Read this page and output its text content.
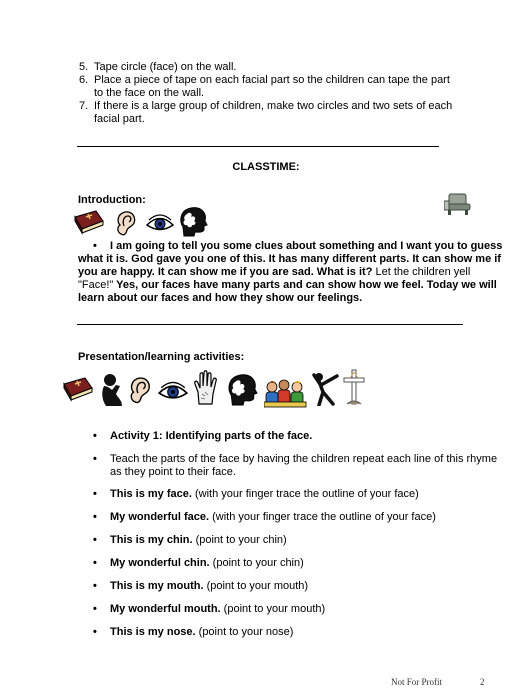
5. Tape circle (face) on the wall.
6. Place a piece of tape on each facial part so the children can tape the part
to the face on the wall.
7. If there is a large group of children, make two circles and two sets of each
facial part.
CLASSTIME:
Introduction:
• I am going to tell you some clues about something and I want you to guess
what it is. God gave you one of this. It has many different parts. It can show me if
you are happy. It can show me if you are sad. What is it? Let the children yell
"Face!" Yes, our faces have many parts and can show how we feel. Today we will
learn about our faces and how they show our feelings.
Presentation/learning activities:
• Activity 1: Identifying parts of the face.
• Teach the parts of the face by having the children repeat each line of this rhyme
as they point to their face.
• This is my face. (with your finger trace the outline of your face)
• My wonderful face. (with your finger trace the outline of your face)
• This is my chin. (point to your chin)
• My wonderful chin. (point to your chin)
• This is my mouth. (point to your mouth)
• My wonderful mouth. (point to your mouth)
• This is my nose. (point to your nose)
Not For Profit	2
